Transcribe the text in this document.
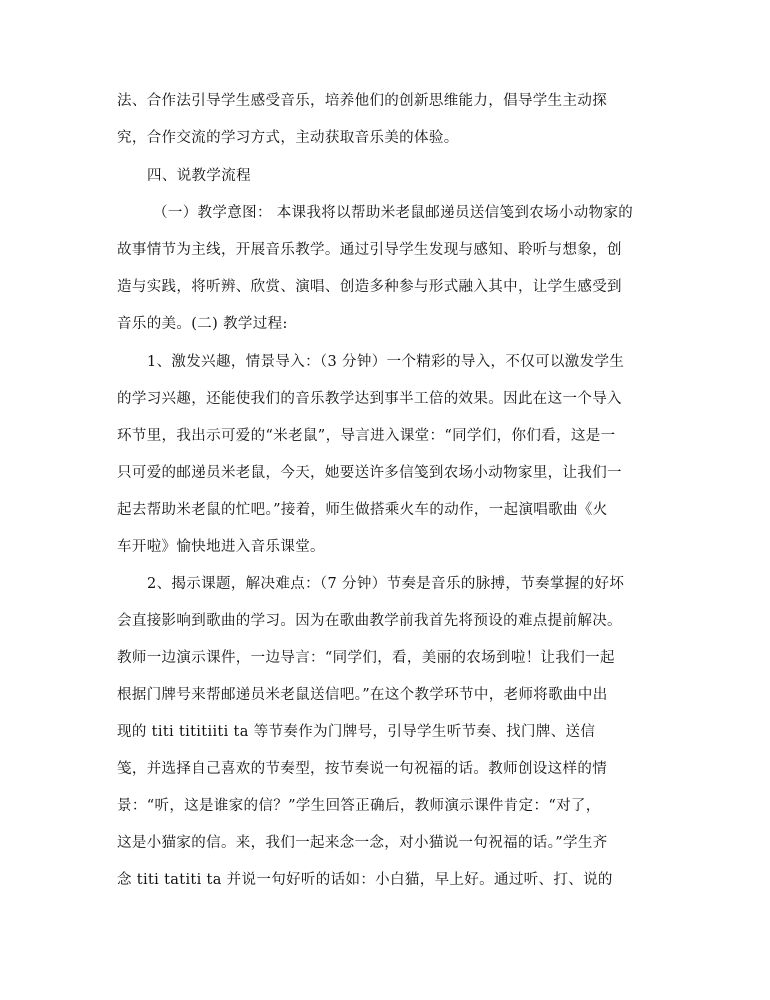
法、合作法引导学生感受音乐，培养他们的创新思维能力，倡导学生主动探
究，合作交流的学习方式，主动获取音乐美的体验。
四、说教学流程
（一）教学意图： 本课我将以帮助米老鼠邮递员送信笺到农场小动物家的
故事情节为主线，开展音乐教学。通过引导学生发现与感知、聆听与想象，创
造与实践，将听辨、欣赏、演唱、创造多种参与形式融入其中，让学生感受到
音乐的美。(二) 教学过程:
1、激发兴趣，情景导入：（3 分钟）一个精彩的导入，不仅可以激发学生
的学习兴趣，还能使我们的音乐教学达到事半工倍的效果。因此在这一个导入
环节里，我出示可爱的“米老鼠”，导言进入课堂：“同学们，你们看，这是一
只可爱的邮递员米老鼠，今天，她要送许多信笺到农场小动物家里，让我们一
起去帮助米老鼠的忙吧。”接着，师生做搭乘火车的动作，一起演唱歌曲《火
车开啦》愉快地进入音乐课堂。
2、揭示课题，解决难点：（7 分钟）节奏是音乐的脉搏，节奏掌握的好坏
会直接影响到歌曲的学习。因为在歌曲教学前我首先将预设的难点提前解决。
教师一边演示课件，一边导言：“同学们，看，美丽的农场到啦！让我们一起
根据门牌号来帮邮递员米老鼠送信吧。”在这个教学环节中，老师将歌曲中出
现的 titi tititiiti ta 等节奏作为门牌号，引导学生听节奏、找门牌、送信
笺，并选择自己喜欢的节奏型，按节奏说一句祝福的话。教师创设这样的情
景：“听，这是谁家的信？”学生回答正确后，教师演示课件肯定：“对了，
这是小猫家的信。来，我们一起来念一念，对小猫说一句祝福的话。”学生齐
念 titi tatiti ta 并说一句好听的话如：小白猫，早上好。通过听、打、说的
